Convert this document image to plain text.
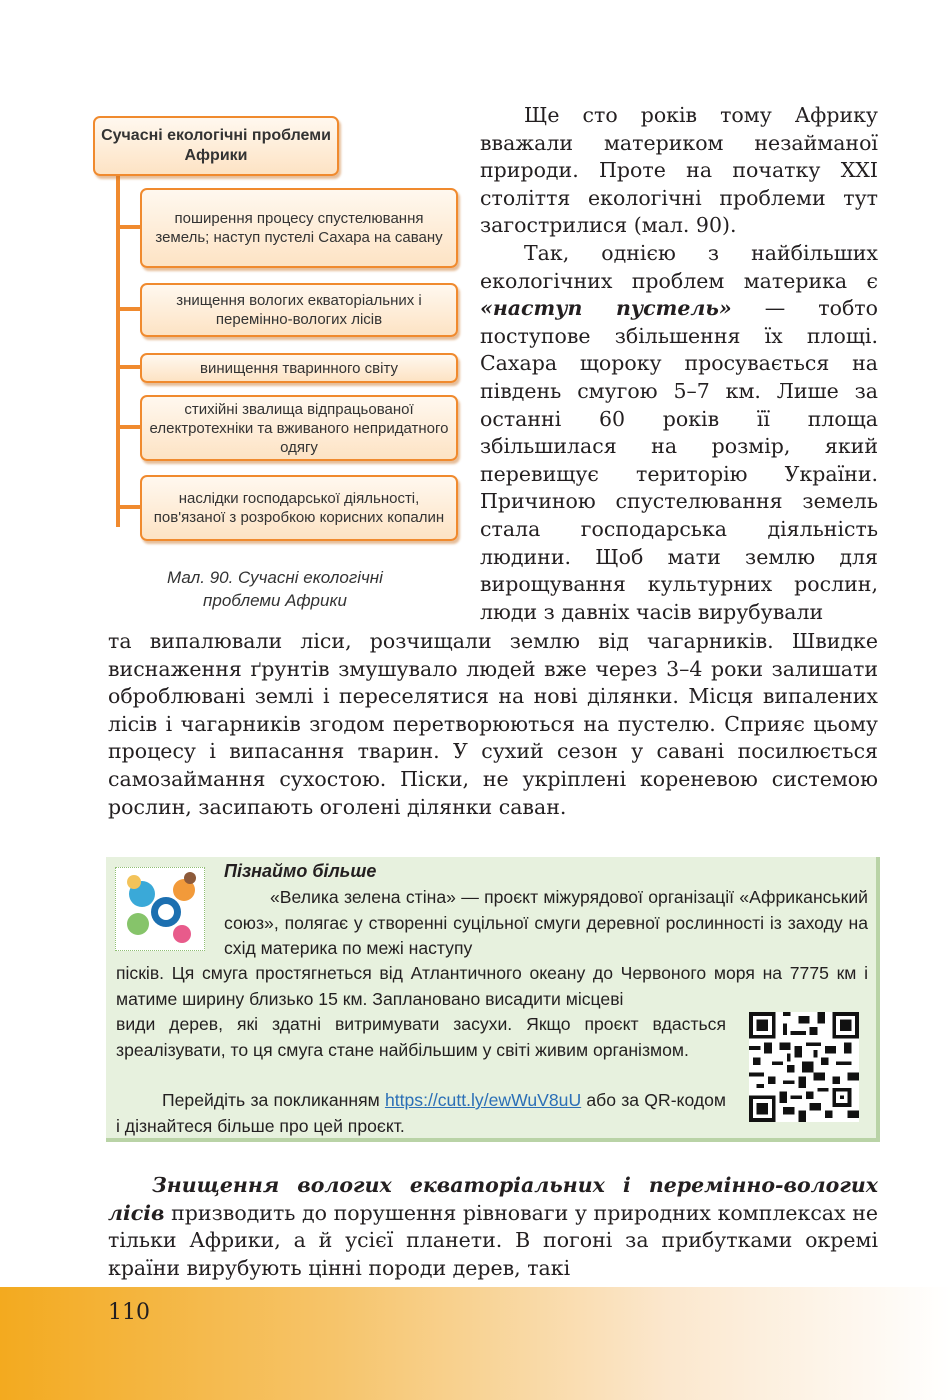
Сучасні екологічні проблеми Африки
поширення процесу спустелювання земель; наступ пустелі Сахара на савану
знищення вологих екваторіальних і перемінно-вологих лісів
винищення тваринного світу
стихійні звалища відпрацьованої електротехніки та вживаного непридатного одягу
наслідки господарської діяльності, пов'язаної з розробкою корисних копалин
Мал. 90. Сучасні екологічні
проблеми Африки

Ще сто років тому Африку вважали материком незайманої природи. Проте на початку XXI століття екологічні проблеми тут загострилися (мал. 90).

Так, однією з найбільших екологічних проблем материка є «наступ пустель» — тобто поступове збільшення їх площі. Сахара щороку просувається на південь смугою 5–7 км. Лише за останні 60 років її площа збільшилася на розмір, який перевищує територію України. Причиною спустелювання земель стала господарська діяльність людини. Щоб мати землю для вирощування культурних рослин, люди з давніх часів вирубували

та випалювали ліси, розчищали землю від чагарників. Швидке виснаження ґрунтів змушувало людей вже через 3–4 роки залишати оброблювані землі і переселятися на нові ділянки. Місця випалених лісів і чагарників згодом перетворюються на пустелю. Сприяє цьому процесу і випасання тварин. У сухий сезон у савані посилюється самозаймання сухостою. Піски, не укріплені кореневою системою рослин, засипають оголені ділянки саван.

Пізнаймо більше

«Велика зелена стіна» — проєкт міжурядової організації «Африканський союз», полягає у створенні суцільної смуги деревної рослинності із заходу на схід материка по межі наступу

пісків. Ця смуга простягнеться від Атлантичного океану до Червоного моря на 7775 км і матиме ширину близько 15 км. Заплановано висадити місцеві

види дерев, які здатні витримувати засухи. Якщо проєкт вдасться зреалізувати, то ця смуга стане найбільшим у світі живим організмом.

Перейдіть за покликанням https://cutt.ly/ewWuV8uU або за QR-кодом і дізнайтеся більше про цей проєкт.

Знищення вологих екваторіальних і перемінно-вологих лісів призводить до порушення рівноваги у природних комплексах не тільки Африки, а й усієї планети. В погоні за прибутками окремі країни вирубують цінні породи дерев, такі

110
